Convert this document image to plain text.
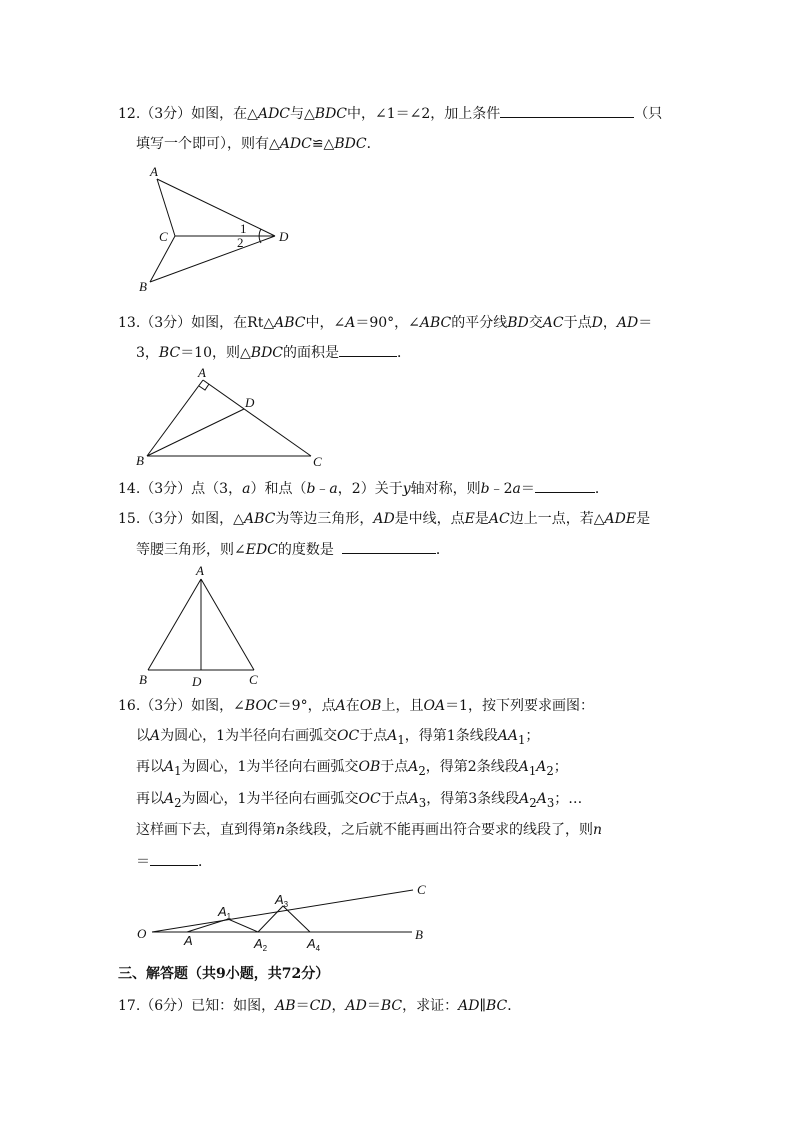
12.（3分）如图，在△ADC与△BDC中，∠1＝∠2，加上条件	（只
填写一个即可），则有△ADC≌△BDC．
A
B
C	D
1
2
13.（3分）如图，在Rt△ABC中，∠A＝90°，∠ABC的平分线BD交AC于点D，AD＝
3，BC＝10，则△BDC的面积是	．
A
B	C
D
14.（3分）点（3，a）和点（b﹣a，2）关于y轴对称，则b﹣2a＝	．
15.（3分）如图，△ABC为等边三角形，AD是中线，点E是AC边上一点，若△ADE是
等腰三角形，则∠EDC的度数是	．
A
B	C
D
16.（3分）如图，∠BOC＝9°，点A在OB上，且OA＝1，按下列要求画图：
以A为圆心，1为半径向右画弧交OC于点$A_1$，得第1条线段$AA_1$；
再以$A_1$为圆心，1为半径向右画弧交OB于点$A_2$，得第2条线段$A_1A_2$；
再以$A_2$为圆心，1为半径向右画弧交OC于点$A_3$，得第3条线段$A_2A_3$；…
这样画下去，直到得第n条线段，之后就不能再画出符合要求的线段了，则n
＝	．
O	A	B
C
$A_1$
$A_2$
$A_3$
$A_4$
三、解答题（共9小题，共72分）
17.（6分）已知：如图，AB＝CD，AD＝BC，求证：AD∥BC．
